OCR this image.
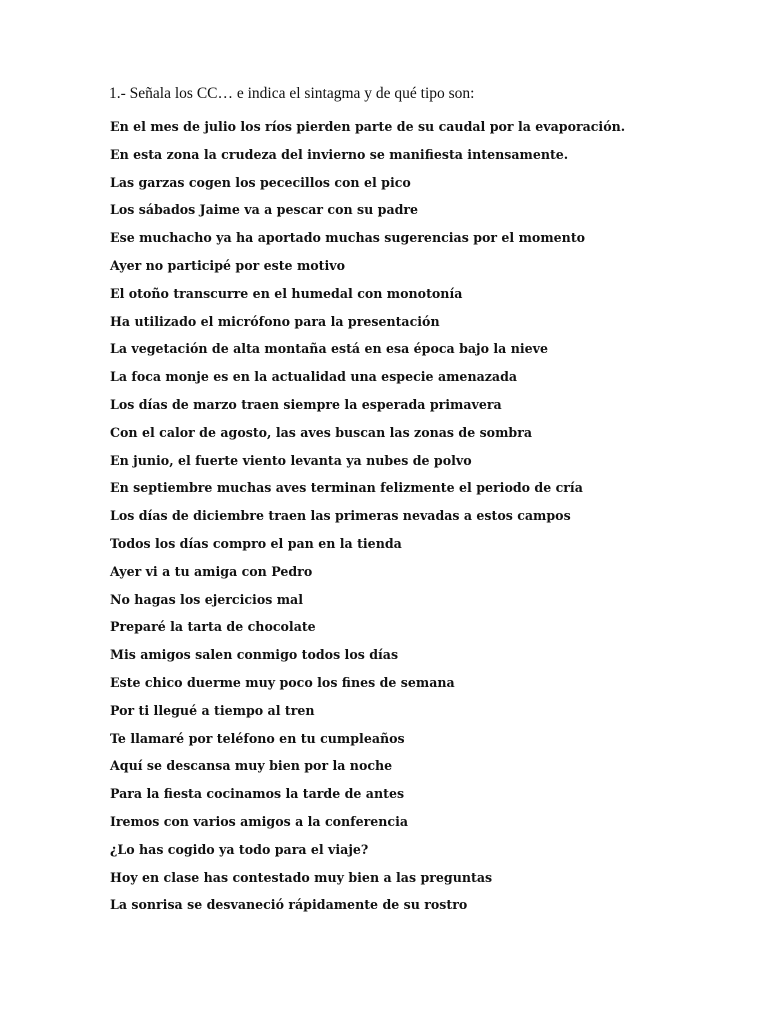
1.- Señala los CC… e indica el sintagma y de qué tipo son:
En el mes de julio los ríos pierden parte de su caudal por la evaporación.
En esta zona la crudeza del invierno se manifiesta intensamente.
Las garzas cogen los pececillos con el pico
Los sábados Jaime va a pescar con su padre
Ese muchacho ya ha aportado muchas sugerencias por el momento
Ayer no participé por este motivo
El otoño transcurre en el humedal con monotonía
Ha utilizado el micrófono para la presentación
La vegetación de alta montaña está en esa época bajo la nieve
La foca monje es en la actualidad una especie amenazada
Los días de marzo traen siempre la esperada primavera
Con el calor de agosto, las aves buscan las zonas de sombra
En junio, el fuerte viento levanta ya nubes de polvo
En septiembre muchas aves terminan felizmente el periodo de cría
Los días de diciembre traen las primeras nevadas a estos campos
Todos los días compro el pan en la tienda
Ayer vi a tu amiga con Pedro
No hagas los ejercicios mal
Preparé la tarta de chocolate
Mis amigos salen conmigo todos los días
Este chico duerme muy poco los fines de semana
Por ti llegué a tiempo al tren
Te llamaré por teléfono en tu cumpleaños
Aquí se descansa muy bien por la noche
Para la fiesta cocinamos la tarde de antes
Iremos con varios amigos a la conferencia
¿Lo has cogido ya todo para el viaje?
Hoy en clase has contestado muy bien a las preguntas
La sonrisa se desvaneció rápidamente de su rostro
